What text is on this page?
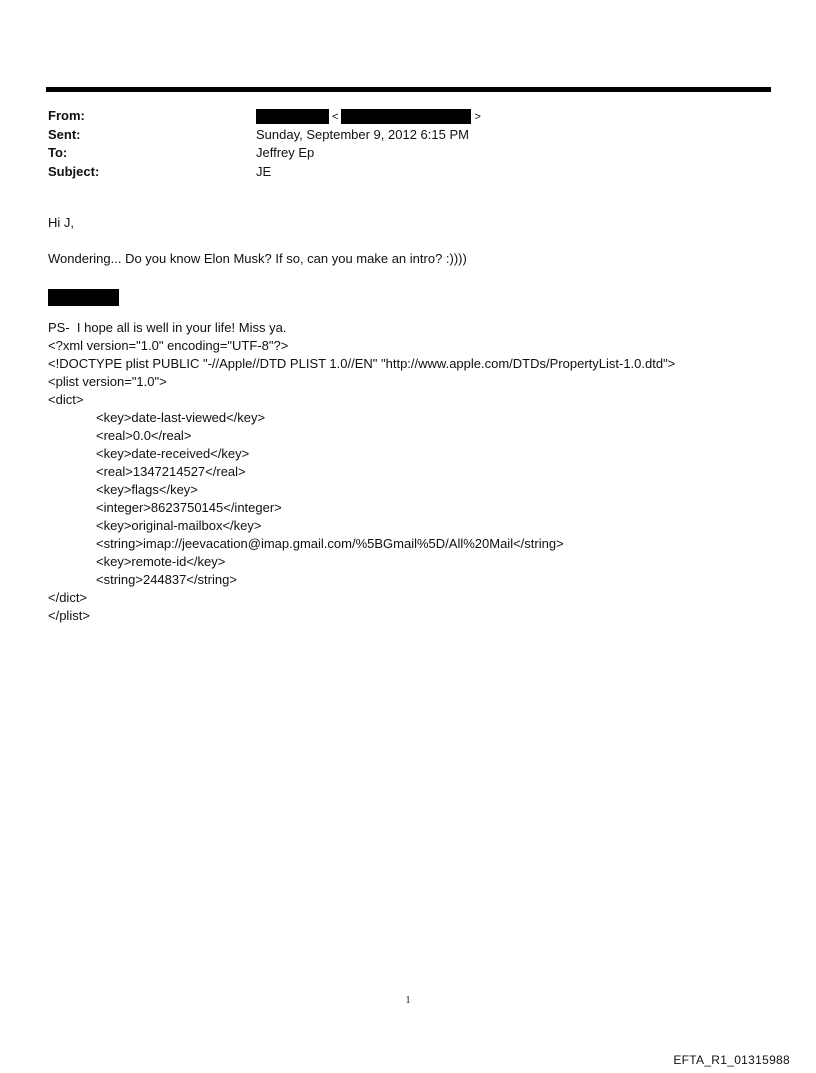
From:	<	>
Sent:	Sunday, September 9, 2012 6:15 PM
To:	Jeffrey Ep
Subject:	JE
Hi J,
Wondering... Do you know Elon Musk? If so, can you make an intro? :))))
PS-  I hope all is well in your life! Miss ya.
<?xml version="1.0" encoding="UTF-8"?>
<!DOCTYPE plist PUBLIC "-//Apple//DTD PLIST 1.0//EN" "http://www.apple.com/DTDs/PropertyList-1.0.dtd">
<plist version="1.0">
<dict>
<key>date-last-viewed</key>
<real>0.0</real>
<key>date-received</key>
<real>1347214527</real>
<key>flags</key>
<integer>8623750145</integer>
<key>original-mailbox</key>
<string>imap://jeevacation@imap.gmail.com/%5BGmail%5D/All%20Mail</string>
<key>remote-id</key>
<string>244837</string>
</dict>
</plist>
1
EFTA_R1_01315988
